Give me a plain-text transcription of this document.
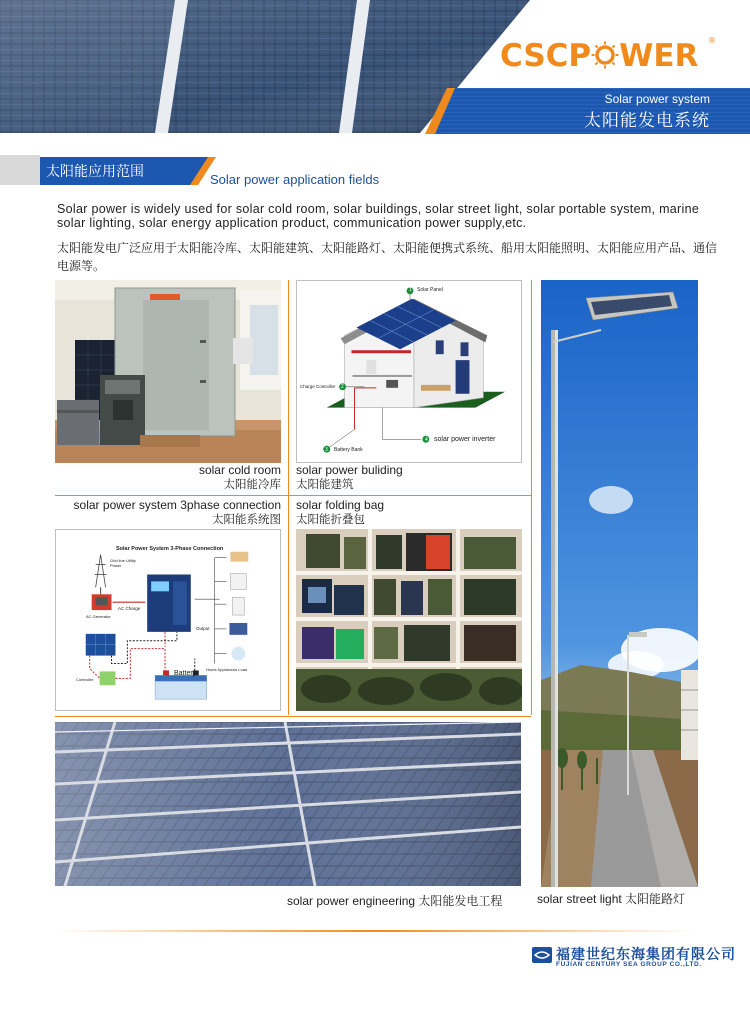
CSCP WER	®
Solar power system
太阳能发电系统
太阳能应用范围	Solar power application fields

Solar power is widely used for solar cold room, solar buildings, solar street light, solar portable system, marine solar lighting, solar energy application product, communication power supply,etc.

太阳能发电广泛应用于太阳能冷库、太阳能建筑、太阳能路灯、太阳能便携式系统、船用太阳能照明、太阳能应用产品、通信电源等。

solar cold room
太阳能冷库
1 Solar Panel
2
Charge Controller
3 Battery Bank
4 solar power inverter
solar power buliding
太阳能建筑
solar power system 3phase connection
太阳能系统图
Solar Power System 3-Phase Connection
Grid line Utility Power
AC Charge
AC Generator
Output
Battery
Controller
Home Appliances Load
solar folding bag
太阳能折叠包
solar power engineering 太阳能发电工程	solar street light 太阳能路灯
福建世纪东海集团有限公司
FUJIAN CENTURY SEA GROUP CO.,LTD.
